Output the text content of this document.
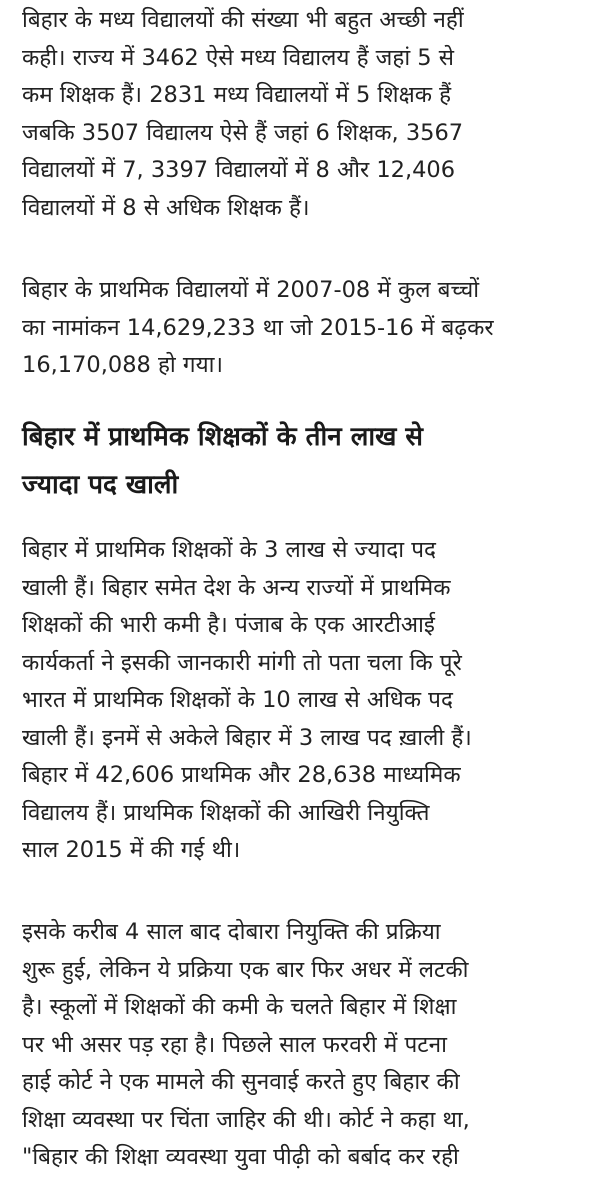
बिहार के मध्य विद्यालयों की संख्या भी बहुत अच्छी नहीं
कही। राज्य में 3462 ऐसे मध्य विद्यालय हैं जहां 5 से
कम शिक्षक हैं। 2831 मध्य विद्यालयों में 5 शिक्षक हैं
जबकि 3507 विद्यालय ऐसे हैं जहां 6 शिक्षक, 3567
विद्यालयों में 7, 3397 विद्यालयों में 8 और 12,406
विद्यालयों में 8 से अधिक शिक्षक हैं।

बिहार के प्राथमिक विद्यालयों में 2007-08 में कुल बच्चों
का नामांकन 14,629,233 था जो 2015-16 में बढ़कर
16,170,088 हो गया।

बिहार में प्राथमिक शिक्षकों के तीन लाख से
ज्यादा पद खाली

बिहार में प्राथमिक शिक्षकों के 3 लाख से ज्यादा पद
खाली हैं। बिहार समेत देश के अन्य राज्यों में प्राथमिक
शिक्षकों की भारी कमी है। पंजाब के एक आरटीआई
कार्यकर्ता ने इसकी जानकारी मांगी तो पता चला कि पूरे
भारत में प्राथमिक शिक्षकों के 10 लाख से अधिक पद
खाली हैं। इनमें से अकेले बिहार में 3 लाख पद ख़ाली हैं।
बिहार में 42,606 प्राथमिक और 28,638 माध्यमिक
विद्यालय हैं। प्राथमिक शिक्षकों की आखिरी नियुक्ति
साल 2015 में की गई थी।

इसके करीब 4 साल बाद दोबारा नियुक्ति की प्रक्रिया
शुरू हुई, लेकिन ये प्रक्रिया एक बार फिर अधर में लटकी
है। स्कूलों में शिक्षकों की कमी के चलते बिहार में शिक्षा
पर भी असर पड़ रहा है। पिछले साल फरवरी में पटना
हाई कोर्ट ने एक मामले की सुनवाई करते हुए बिहार की
शिक्षा व्यवस्था पर चिंता जाहिर की थी। कोर्ट ने कहा था,
"बिहार की शिक्षा व्यवस्था युवा पीढ़ी को बर्बाद कर रही
